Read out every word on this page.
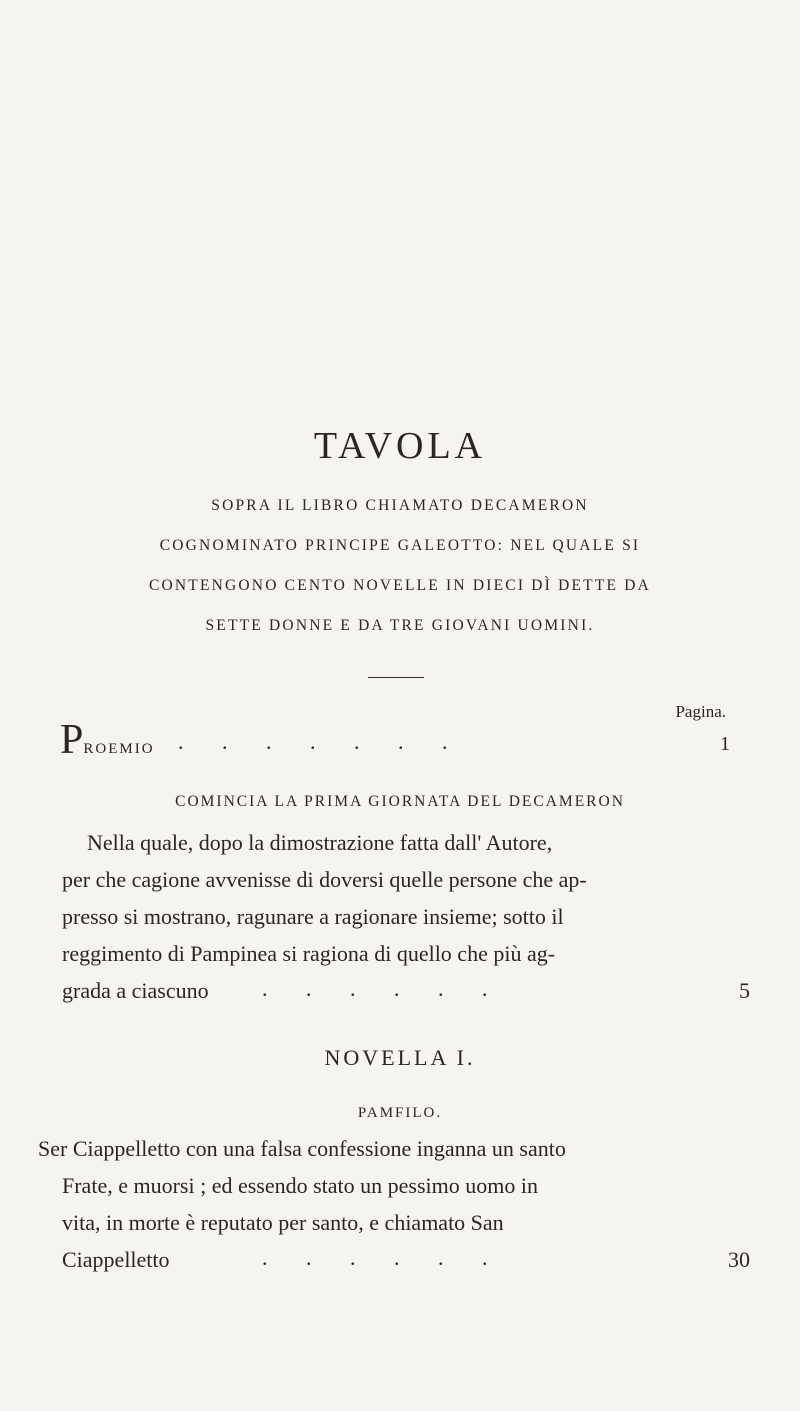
TAVOLA
SOPRA IL LIBRO CHIAMATO DECAMERON
COGNOMINATO PRINCIPE GALEOTTO: NEL QUALE SI
CONTENGONO CENTO NOVELLE IN DIECI DÌ DETTE DA
SETTE DONNE E DA TRE GIOVANI UOMINI.
Pagina.
PROEMIO .       .       .       .       .       .       .	1
COMINCIA LA PRIMA GIORNATA DEL DECAMERON
Nella quale, dopo la dimostrazione fatta dall' Autore,
per che cagione avvenisse di doversi quelle persone che ap-
presso si mostrano, ragunare a ragionare insieme; sotto il
reggimento di Pampinea si ragiona di quello che più ag-
grada a ciascuno .       .       .       .       .       .	5
NOVELLA I.
PAMFILO.
Ser Ciappelletto con una falsa confessione inganna un santo
Frate, e muorsi ; ed essendo stato un pessimo uomo in
vita, in morte è reputato per santo, e chiamato San
Ciappelletto	.       .       .       .       .       .	30
